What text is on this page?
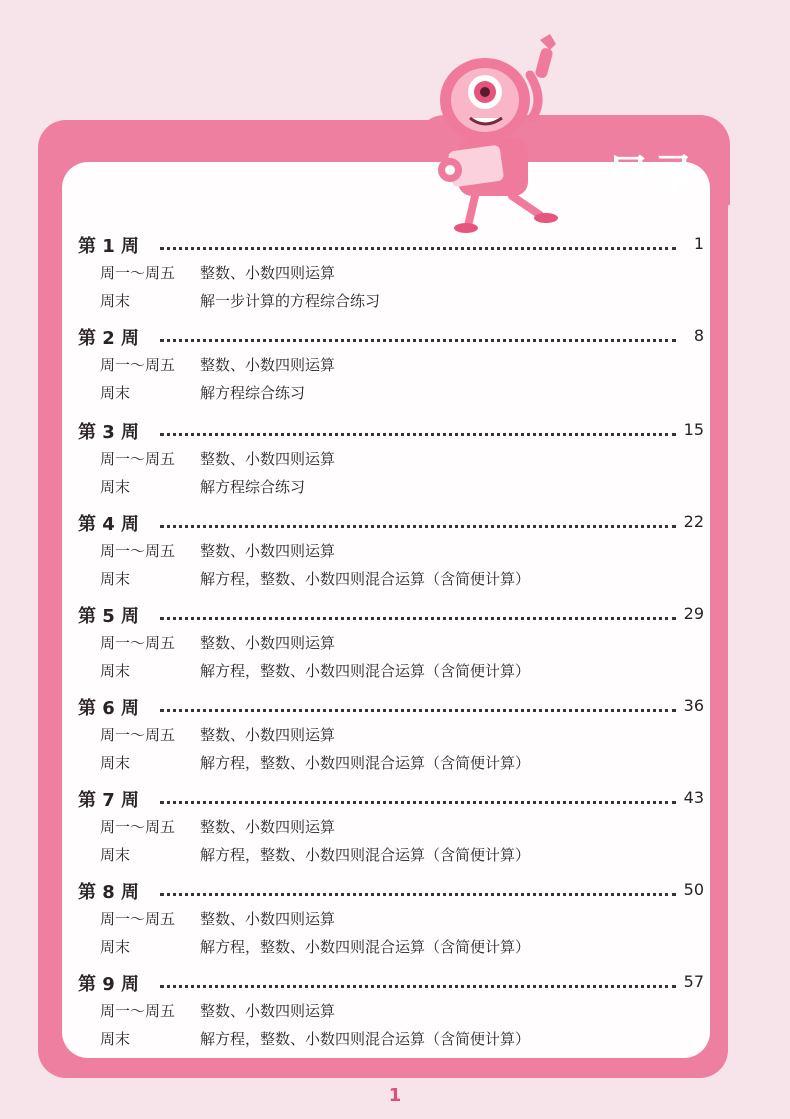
目录
第 1 周	1
周一～周五 整数、小数四则运算
周末	解一步计算的方程综合练习
第 2 周	8
周一～周五 整数、小数四则运算
周末	解方程综合练习
第 3 周	15
周一～周五 整数、小数四则运算
周末	解方程综合练习
第 4 周	22
周一～周五 整数、小数四则运算
周末	解方程，整数、小数四则混合运算（含简便计算）
第 5 周	29
周一～周五 整数、小数四则运算
周末	解方程，整数、小数四则混合运算（含简便计算）
第 6 周	36
周一～周五 整数、小数四则运算
周末	解方程，整数、小数四则混合运算（含简便计算）
第 7 周	43
周一～周五 整数、小数四则运算
周末	解方程，整数、小数四则混合运算（含简便计算）
第 8 周	50
周一～周五 整数、小数四则运算
周末	解方程，整数、小数四则混合运算（含简便计算）
第 9 周	57
周一～周五 整数、小数四则运算
周末	解方程，整数、小数四则混合运算（含简便计算）
1
